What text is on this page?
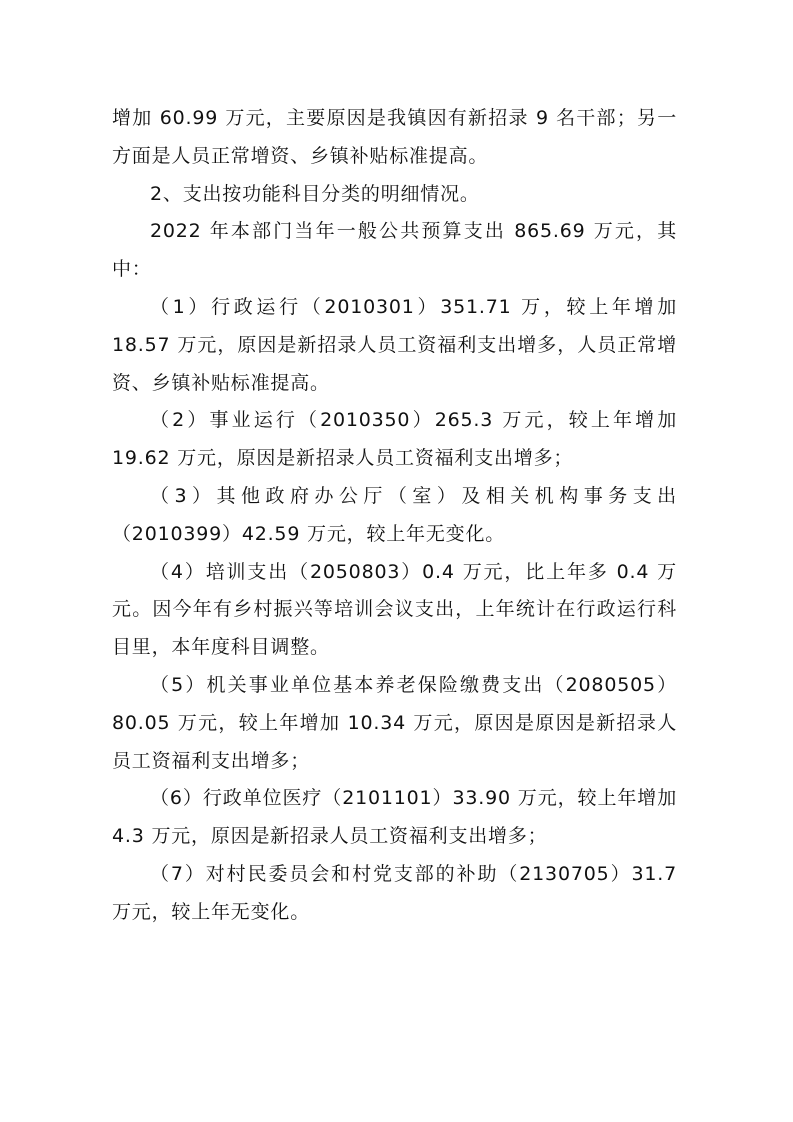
增加 60.99 万元，主要原因是我镇因有新招录 9 名干部；另一方面是人员正常增资、乡镇补贴标准提高。

2、支出按功能科目分类的明细情况。

2022 年本部门当年一般公共预算支出 865.69 万元，其中：

（1）行政运行（2010301）351.71 万，较上年增加 18.57 万元，原因是新招录人员工资福利支出增多，人员正常增资、乡镇补贴标准提高。

（2）事业运行（2010350）265.3 万元，较上年增加 19.62 万元，原因是新招录人员工资福利支出增多；

（3）其他政府办公厅（室）及相关机构事务支出（2010399）42.59 万元，较上年无变化。

（4）培训支出（2050803）0.4 万元，比上年多 0.4 万元。因今年有乡村振兴等培训会议支出，上年统计在行政运行科目里，本年度科目调整。

（5）机关事业单位基本养老保险缴费支出（2080505）80.05 万元，较上年增加 10.34 万元，原因是原因是新招录人员工资福利支出增多；

（6）行政单位医疗（2101101）33.90 万元，较上年增加 4.3 万元，原因是新招录人员工资福利支出增多；

（7）对村民委员会和村党支部的补助（2130705）31.7 万元，较上年无变化。
